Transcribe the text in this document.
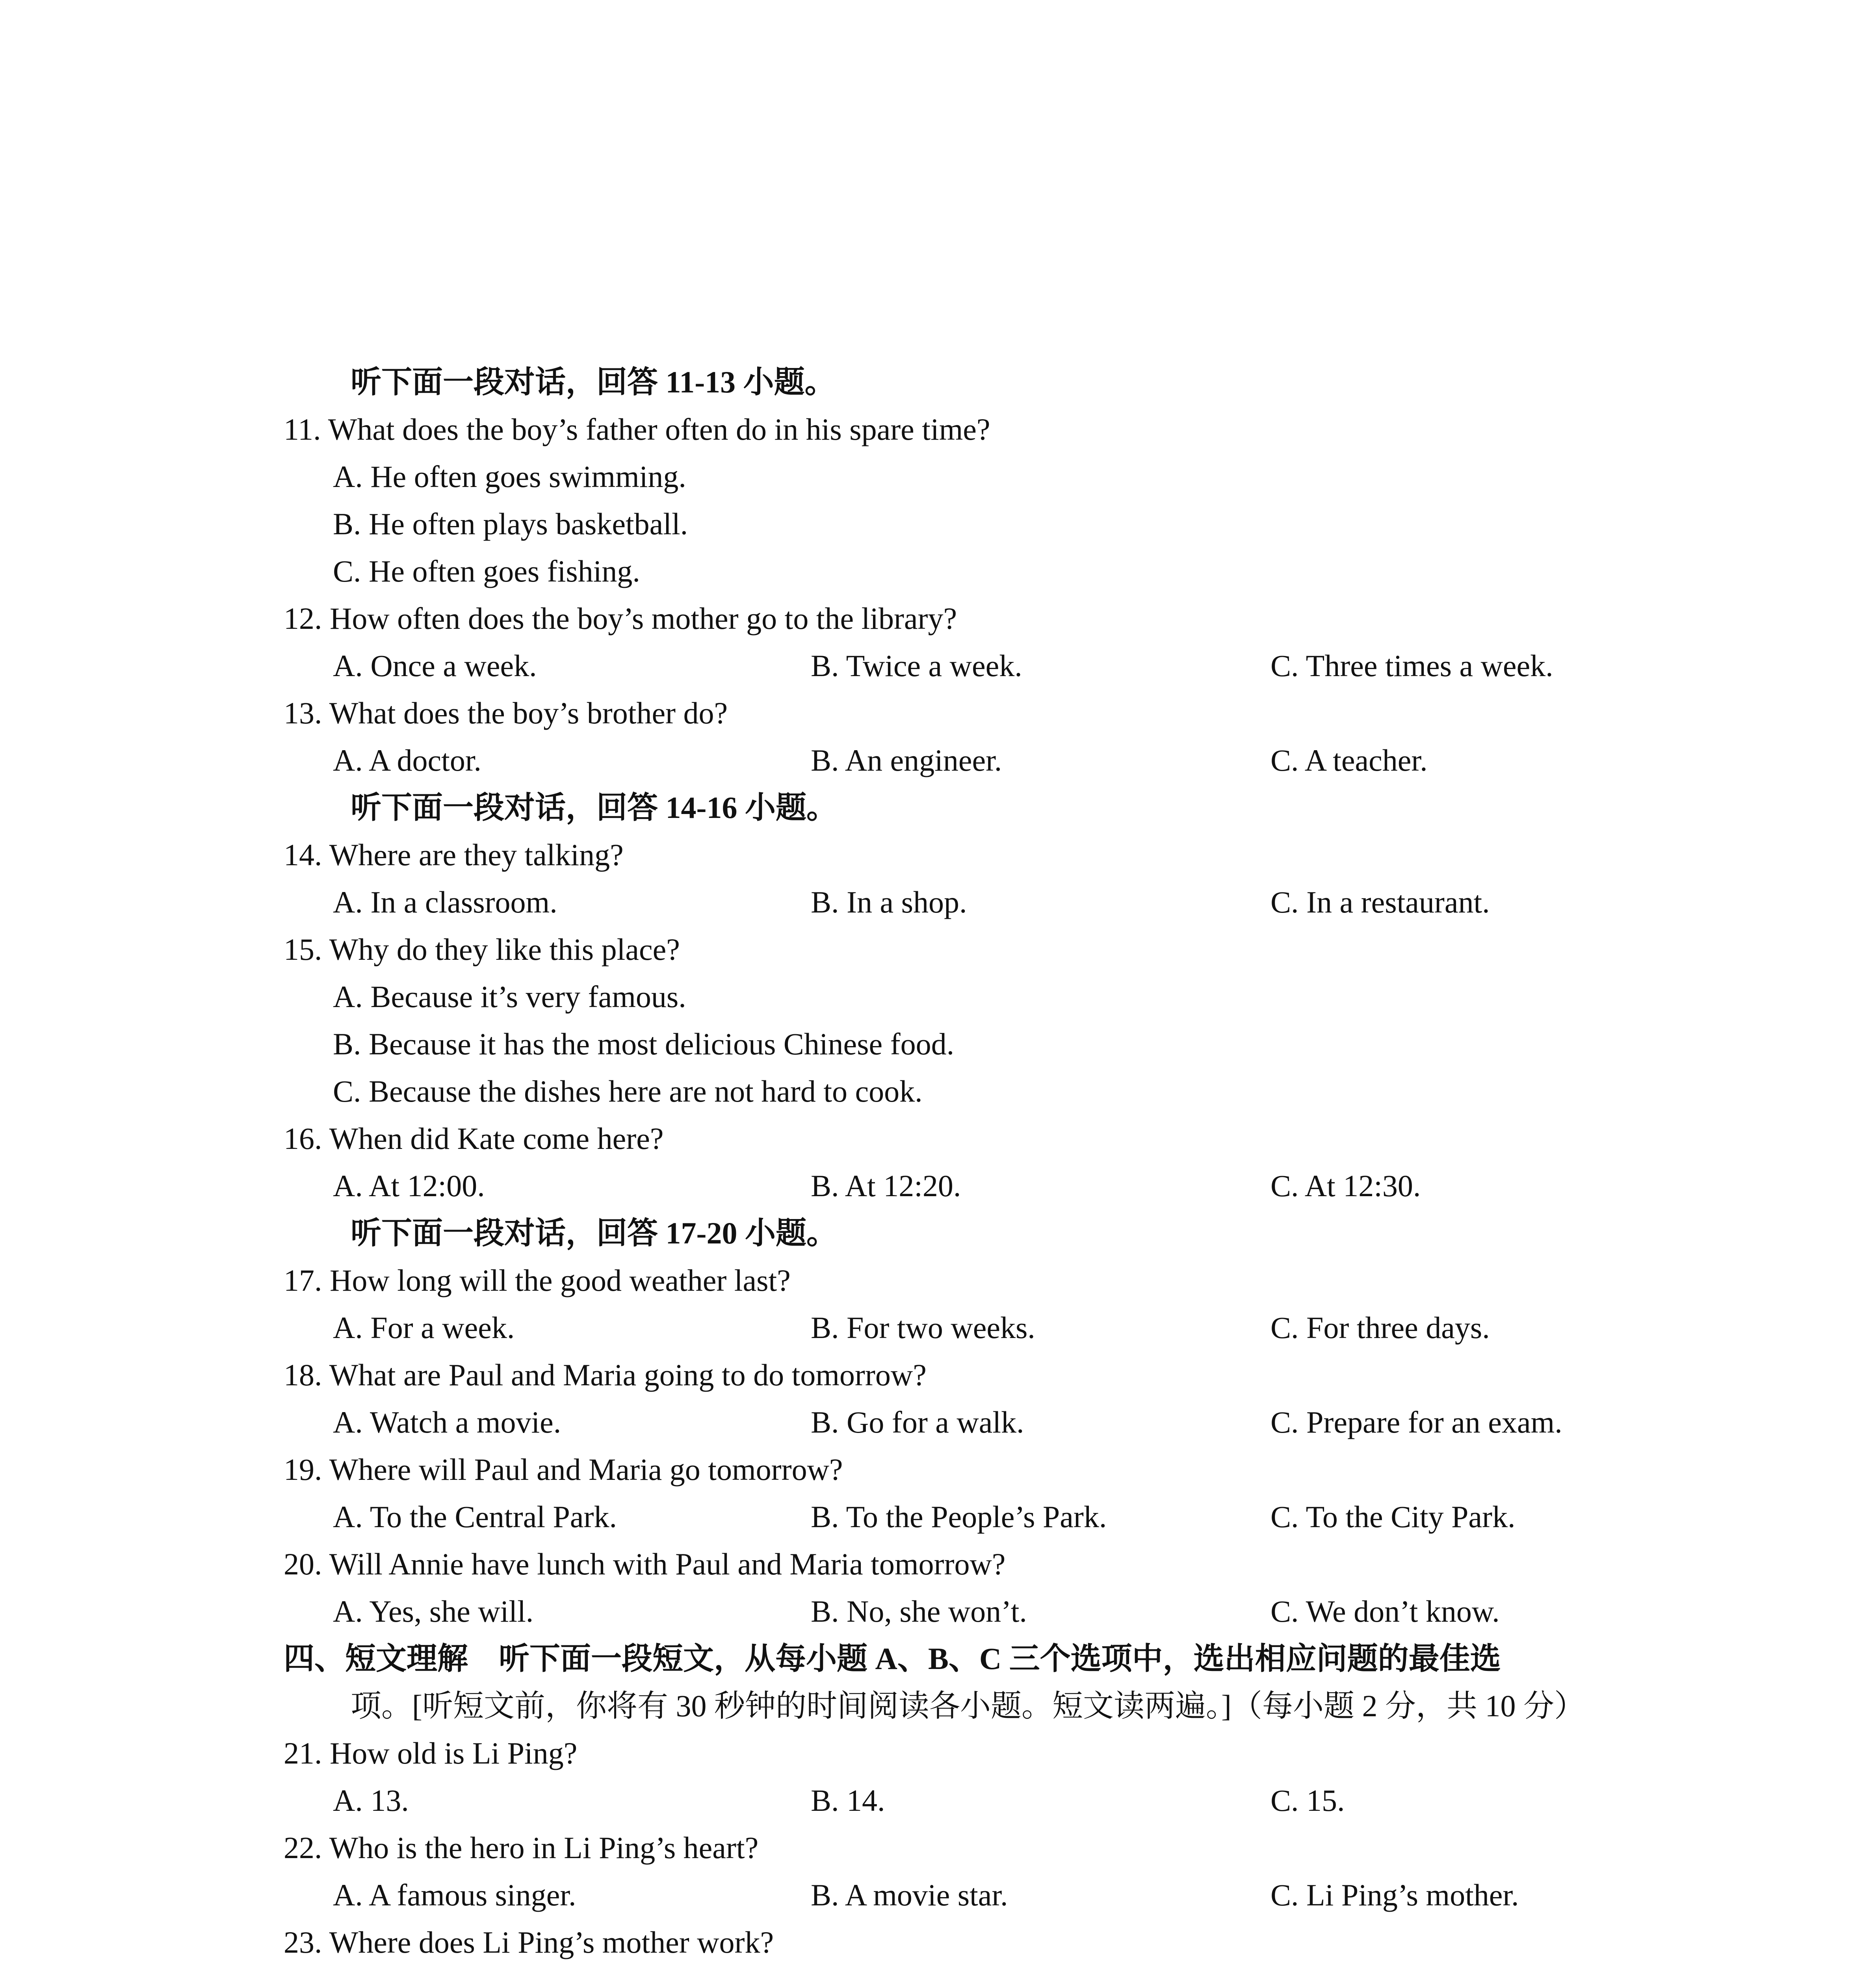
听下面一段对话，回答 11-13 小题。
11. What does the boy’s father often do in his spare time?
A. He often goes swimming.
B. He often plays basketball.
C. He often goes fishing.
12. How often does the boy’s mother go to the library?
A. Once a week.	B. Twice a week.	C. Three times a week.
13. What does the boy’s brother do?
A. A doctor.	B. An engineer.	C. A teacher.
听下面一段对话，回答 14-16 小题。
14. Where are they talking?
A. In a classroom.	B. In a shop.	C. In a restaurant.
15. Why do they like this place?
A. Because it’s very famous.
B. Because it has the most delicious Chinese food.
C. Because the dishes here are not hard to cook.
16. When did Kate come here?
A. At 12:00.	B. At 12:20.	C. At 12:30.
听下面一段对话，回答 17-20 小题。
17. How long will the good weather last?
A. For a week.	B. For two weeks.	C. For three days.
18. What are Paul and Maria going to do tomorrow?
A. Watch a movie.	B. Go for a walk.	C. Prepare for an exam.
19. Where will Paul and Maria go tomorrow?
A. To the Central Park.	B. To the People’s Park.	C. To the City Park.
20. Will Annie have lunch with Paul and Maria tomorrow?
A. Yes, she will.	B. No, she won’t.	C. We don’t know.
四、短文理解　听下面一段短文，从每小题 A、B、C 三个选项中，选出相应问题的最佳选
项。[听短文前，你将有 30 秒钟的时间阅读各小题。短文读两遍。]（每小题 2 分，共 10 分）
21. How old is Li Ping?
A. 13.	B. 14.	C. 15.
22. Who is the hero in Li Ping’s heart?
A. A famous singer.	B. A movie star.	C. Li Ping’s mother.
23. Where does Li Ping’s mother work?
